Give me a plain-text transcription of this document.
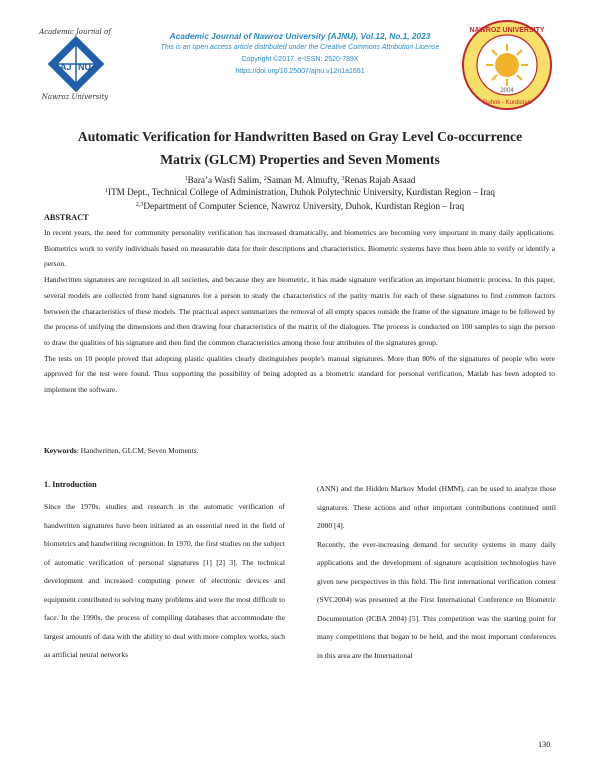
AJ NU
Academic Journal of
Nawroz University
NAWROZ UNIVERSITY
Duhok - Kurdistan
2004
Academic Journal of Nawroz University (AJNU), Vol.12, No.1, 2023
This is an open access article distributed under the Creative Commons Attribution License
Copyright ©2017. e-ISSN: 2520-789X
https://doi.org/10.25007/ajnu.v12n1a1651
Automatic Verification for Handwritten Based on Gray Level Co-occurrence Matrix (GLCM) Properties and Seven Moments
$^1$Bara’a Wasfi Salim, $^2$Saman M. Almufty, $^3$Renas Rajab Asaad
$^1$ITM Dept., Technical College of Administration, Duhok Polytechnic University, Kurdistan Region – Iraq
$^{2,3}$Department of Computer Science, Nawroz University, Duhok, Kurdistan Region – Iraq
ABSTRACT

In recent years, the need for community personality verification has increased dramatically, and biometrics are becoming very important in many daily applications. Biometrics work to verify individuals based on measurable data for their descriptions and characteristics. Biometric systems have thus been able to verify or identify a person.

Handwritten signatures are recognized in all societies, and because they are biometric, it has made signature verification an important biometric process. In this paper, several models are collected from hand signatures for a person to study the characteristics of the parity matrix for each of these signatures to find common factors between the characteristics of these models. The practical aspect summarizes the removal of all empty spaces outside the frame of the signature image to be followed by the process of unifying the dimensions and then drawing four characteristics of the matrix of the dialogues. The process is conducted on 100 samples to sign the person to draw the qualities of his signature and then find the common characteristics among those four attributes of the signatures group.

The tests on 10 people proved that adopting plastic qualities clearly distinguishes people's manual signatures. More than 80% of the signatures of people who were approved for the test were found. Thus supporting the possibility of being adopted as a biometric standard for personal verification, Matlab has been adopted to implement the software.

Keywords: Handwritten, GLCM, Seven Moments.
1. Introduction

Since the 1970s, studies and research in the automatic verification of handwritten signatures have been initiated as an essential need in the field of biometrics and handwriting recognition. In 1970, the first studies on the subject of automatic verification of personal signatures [1] [2] 3]. The technical development and increased computing power of electronic devices and equipment contributed to solving many problems and were the most difficult to face. In the 1990s, the process of compiling databases that accommodate the largest amounts of data with the ability to deal with more complex works, such as artificial neural networks

(ANN) and the Hidden Markov Model (HMM), can be used to analyze those signatures. These actions and other important contributions continued until 2000 [4].

Recently, the ever-increasing demand for security systems in many daily applications and the development of signature acquisition technologies have given new perspectives in this field. The first international verification contest (SVC2004) was presented at the First International Conference on Biometric Documentation (ICBA 2004) [5]. This competition was the starting point for many competitions that began to be held, and the most important conferences in this area are the International

130
